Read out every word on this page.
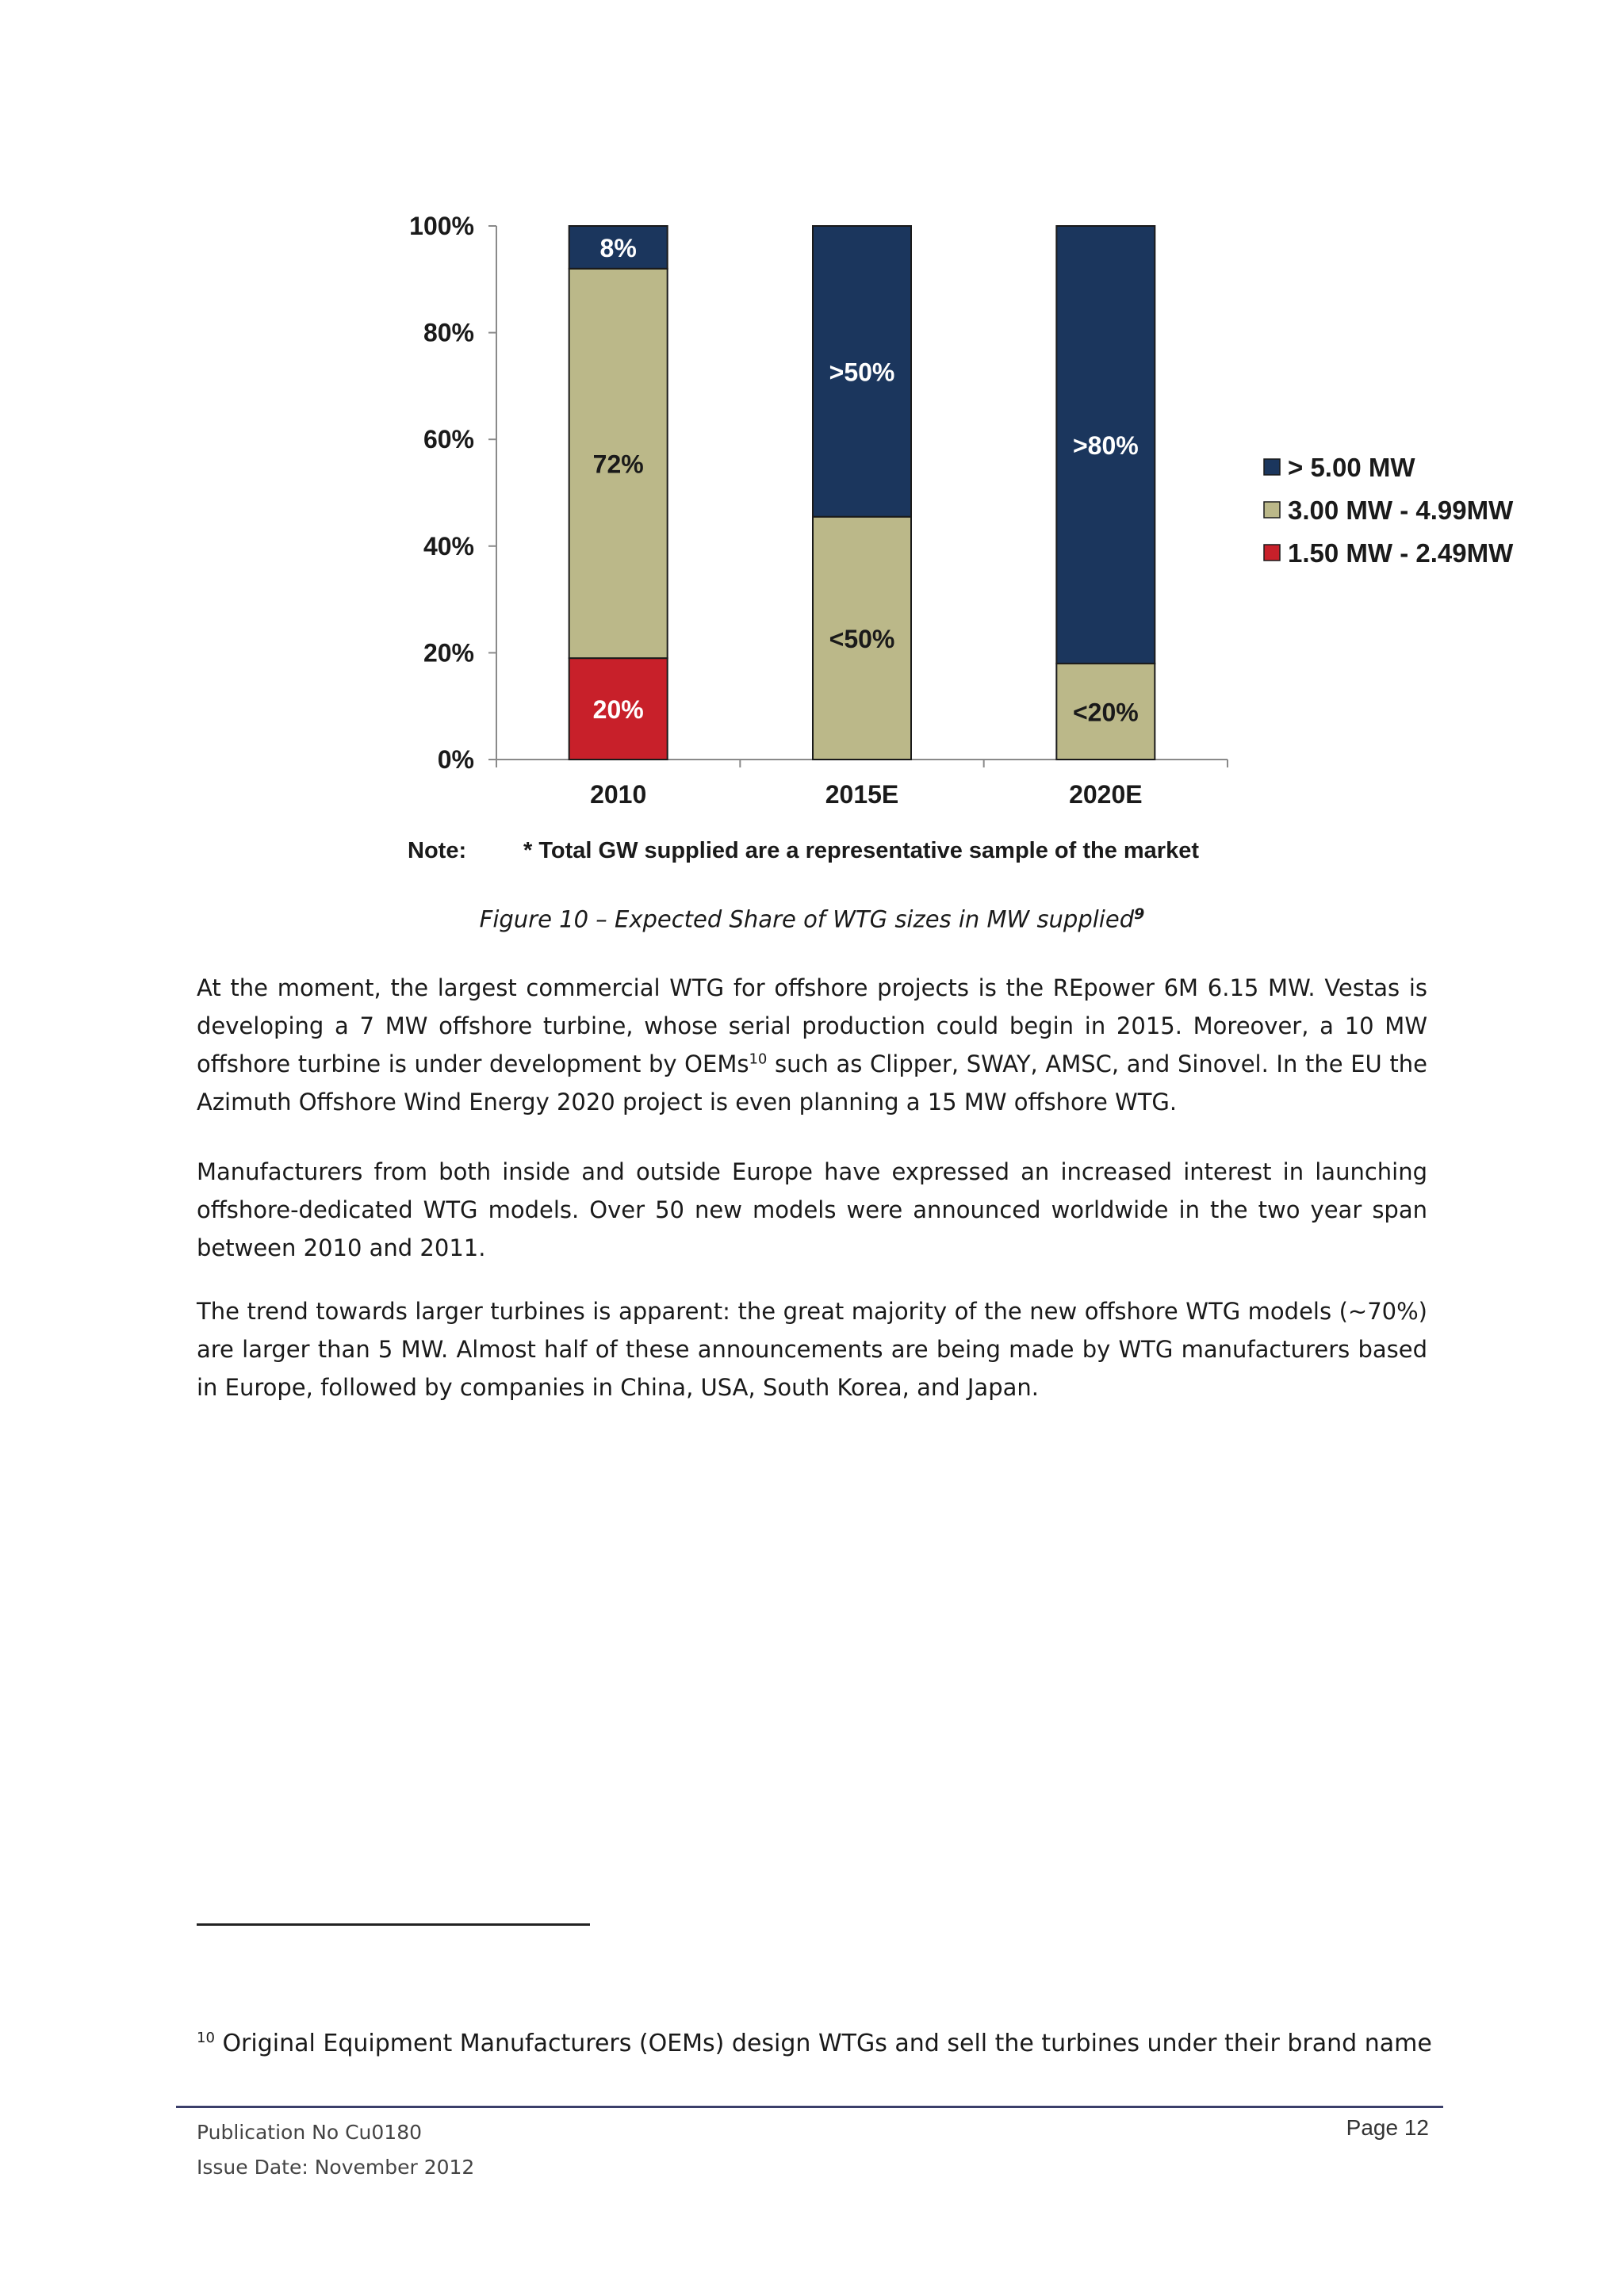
0%
20%
40%
60%
80%
100%
20%
72%
8%
2010
<50%
>50%
2015E
<20%
>80%
2020E
> 5.00 MW
3.00 MW - 4.99MW
1.50 MW - 2.49MW
Note: * Total GW supplied are a representative sample of the market
Figure 10 – Expected Share of WTG sizes in MW supplied$^9$

At the moment, the largest commercial WTG for offshore projects is the REpower 6M 6.15 MW. Vestas is developing a 7 MW offshore turbine, whose serial production could begin in 2015. Moreover, a 10 MW offshore turbine is under development by OEMs$^{10}$ such as Clipper, SWAY, AMSC, and Sinovel. In the EU the Azimuth Offshore Wind Energy 2020 project is even planning a 15 MW offshore WTG.

Manufacturers from both inside and outside Europe have expressed an increased interest in launching offshore-dedicated WTG models. Over 50 new models were announced worldwide in the two year span between 2010 and 2011.

The trend towards larger turbines is apparent: the great majority of the new offshore WTG models (~70%) are larger than 5 MW. Almost half of these announcements are being made by WTG manufacturers based in Europe, followed by companies in China, USA, South Korea, and Japan.

$^{10}$ Original Equipment Manufacturers (OEMs) design WTGs and sell the turbines under their brand name
Publication No Cu0180
Issue Date: November 2012
Page 12
